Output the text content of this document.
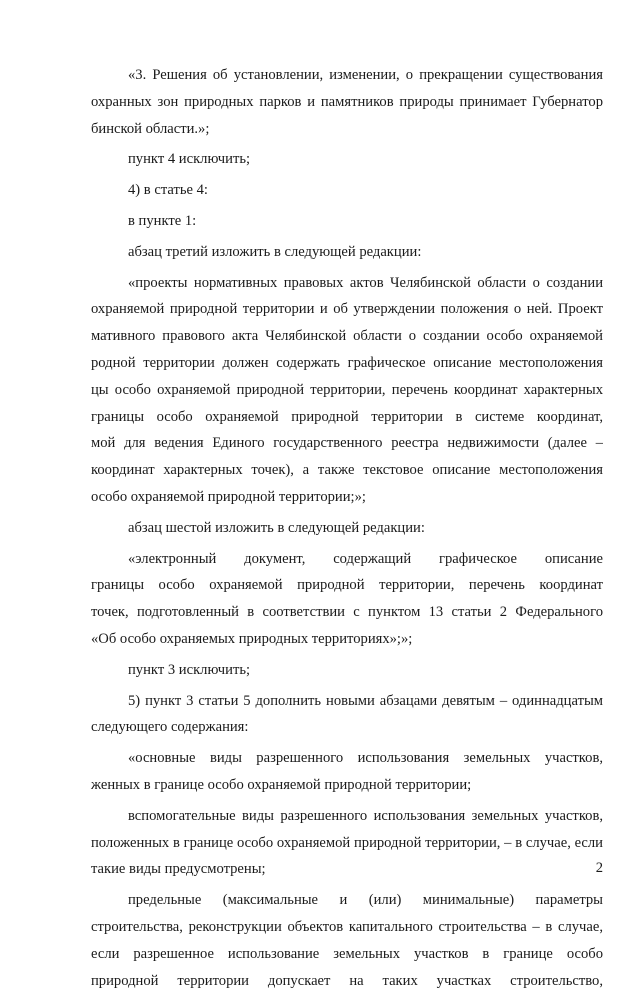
«3. Решения об установлении, изменении, о прекращении существования
охранных зон природных парков и памятников природы принимает Губернатор
бинской области.»;
пункт 4 исключить;
4) в статье 4:
в пункте 1:
абзац третий изложить в следующей редакции:
«проекты нормативных правовых актов Челябинской области о создании
охраняемой природной территории и об утверждении положения о ней. Проект
мативного правового акта Челябинской области о создании особо охраняемой
родной территории должен содержать графическое описание местоположения
цы особо охраняемой природной территории, перечень координат характерных
границы особо охраняемой природной территории в системе координат,
мой для ведения Единого государственного реестра недвижимости (далее –
координат характерных точек), а также текстовое описание местоположения
особо охраняемой природной территории;»;
абзац шестой изложить в следующей редакции:
«электронный документ, содержащий графическое описание
границы особо охраняемой природной территории, перечень координат
точек, подготовленный в соответствии с пунктом 13 статьи 2 Федерального
«Об особо охраняемых природных территориях»;»;
пункт 3 исключить;
5) пункт 3 статьи 5 дополнить новыми абзацами девятым – одиннадцатым
следующего содержания:
«основные виды разрешенного использования земельных участков,
женных в границе особо охраняемой природной территории;
вспомогательные виды разрешенного использования земельных участков,
положенных в границе особо охраняемой природной территории, – в случае, если
такие виды предусмотрены;
предельные (максимальные и (или) минимальные) параметры
строительства, реконструкции объектов капитального строительства – в случае,
если разрешенное использование земельных участков в границе особо
природной территории допускает на таких участках строительство,
2
